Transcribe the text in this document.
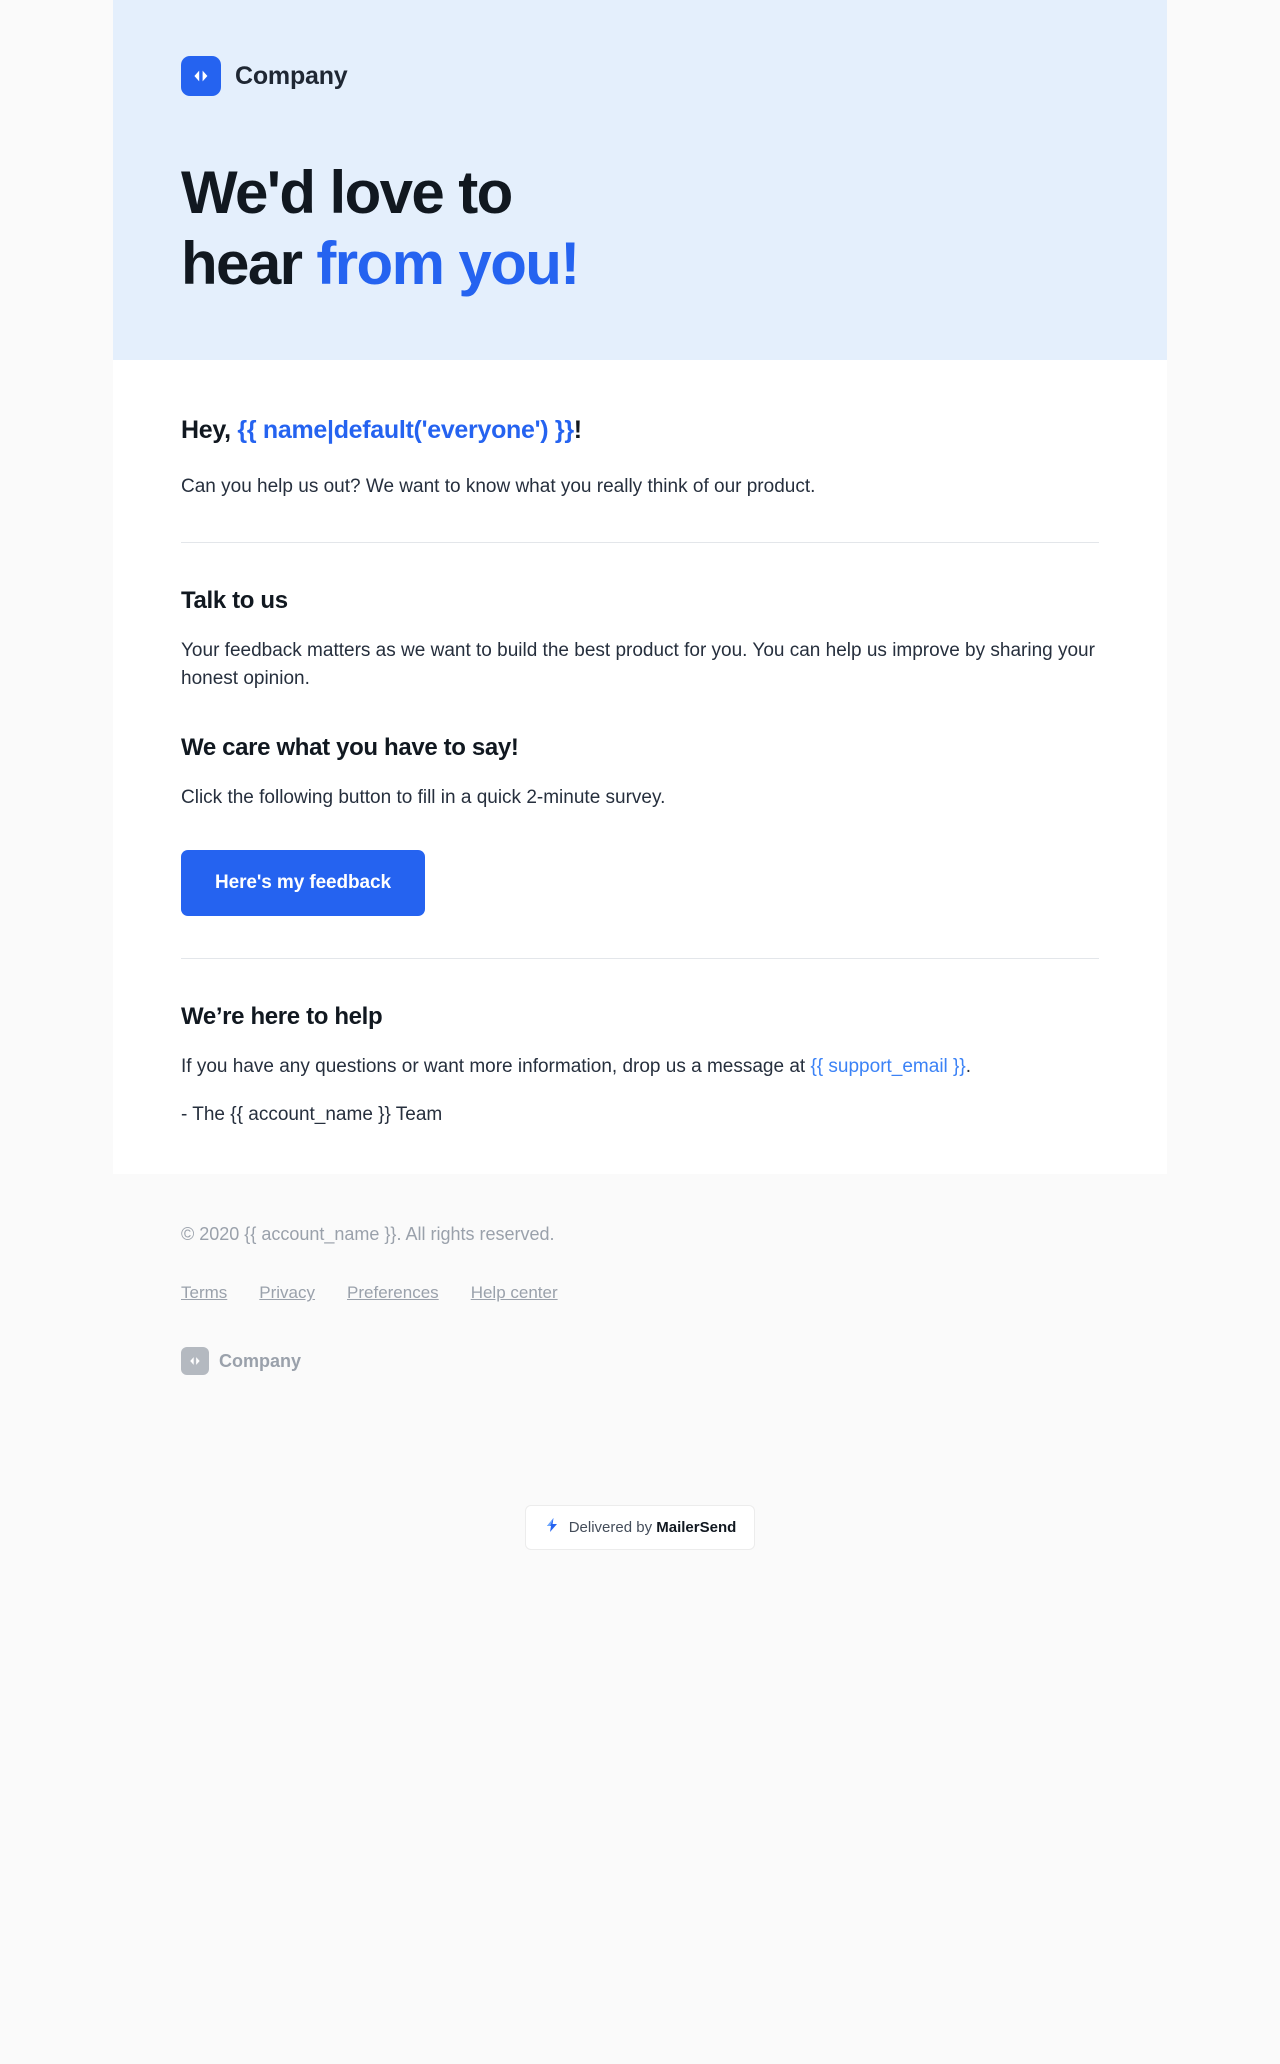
Company
We'd love to
hear from you!
Hey, {{ name|default('everyone') }}!

Can you help us out? We want to know what you really think of our product.

Talk to us

Your feedback matters as we want to build the best product for you. You can help us improve by sharing your honest opinion.

We care what you have to say!

Click the following button to fill in a quick 2-minute survey.

Here's my feedback
We’re here to help

If you have any questions or want more information, drop us a message at {{ support_email }}.

- The {{ account_name }} Team

© 2020 {{ account_name }}. All rights reserved.

Terms Privacy Preferences Help center
Company
Delivered by MailerSend
